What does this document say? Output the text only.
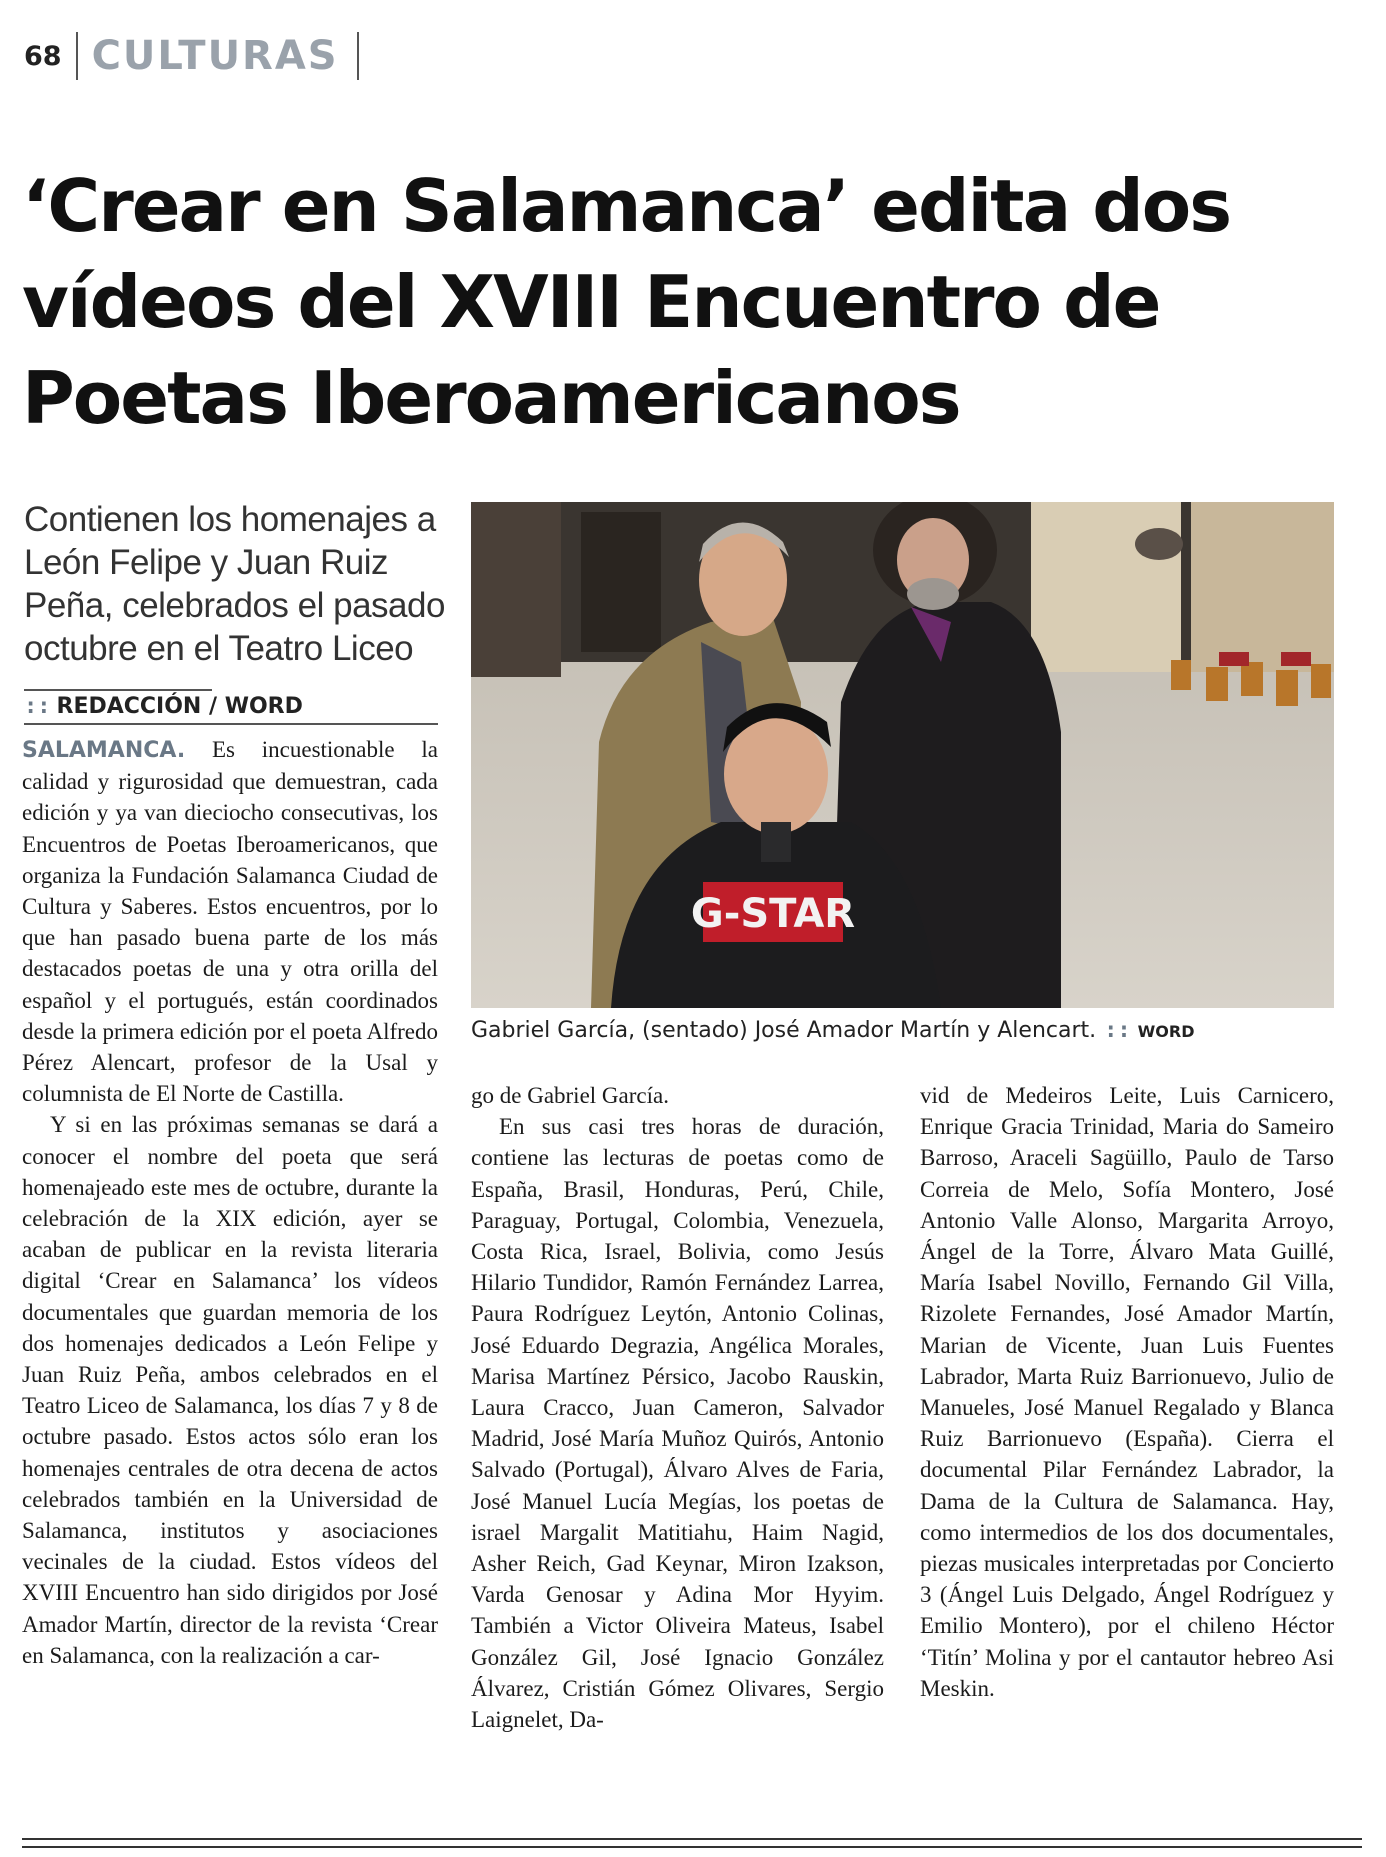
68 CULTURAS
‘Crear en Salamanca’ edita dos vídeos del XVIII Encuentro de Poetas Iberoamericanos

Contienen los homenajes a León Felipe y Juan Ruiz Peña, celebrados el pasado octubre en el Teatro Liceo

:: REDACCIÓN / WORD

SALAMANCA. Es incuestionable la calidad y rigurosidad que demuestran, cada edición y ya van dieciocho consecutivas, los Encuentros de Poetas Iberoamericanos, que organiza la Fundación Salamanca Ciudad de Cultura y Saberes. Estos encuentros, por lo que han pasado buena parte de los más destacados poetas de una y otra orilla del español y el portugués, están coordinados desde la primera edición por el poeta Alfredo Pérez Alencart, profesor de la Usal y columnista de El Norte de Castilla.

Y si en las próximas semanas se dará a conocer el nombre del poeta que será homenajeado este mes de octubre, durante la celebración de la XIX edición, ayer se acaban de publicar en la revista literaria digital ‘Crear en Salamanca’ los vídeos documentales que guardan memoria de los dos homenajes dedicados a León Felipe y Juan Ruiz Peña, ambos celebrados en el Teatro Liceo de Salamanca, los días 7 y 8 de octubre pasado. Estos actos sólo eran los homenajes centrales de otra decena de actos celebrados también en la Universidad de Salamanca, institutos y asociaciones vecinales de la ciudad. Estos vídeos del XVIII Encuentro han sido dirigidos por José Amador Martín, director de la revista ‘Crear en Salamanca, con la realización a car-

G-STAR
Gabriel García, (sentado) José Amador Martín y Alencart. :: WORD

go de Gabriel García.

En sus casi tres horas de duración, contiene las lecturas de poetas como de España, Brasil, Honduras, Perú, Chile, Paraguay, Portugal, Colombia, Venezuela, Costa Rica, Israel, Bolivia, como Jesús Hilario Tundidor, Ramón Fernández Larrea, Paura Rodríguez Leytón, Antonio Colinas, José Eduardo Degrazia, Angélica Morales, Marisa Martínez Pérsico, Jacobo Rauskin, Laura Cracco, Juan Cameron, Salvador Madrid, José María Muñoz Quirós, Antonio Salvado (Portugal), Álvaro Alves de Faria, José Manuel Lucía Megías, los poetas de israel Margalit Matitiahu, Haim Nagid, Asher Reich, Gad Keynar, Miron Izakson, Varda Genosar y Adina Mor Hyyim. También a Victor Oliveira Mateus, Isabel González Gil, José Ignacio González Álvarez, Cristián Gómez Olivares, Sergio Laignelet, Da-

vid de Medeiros Leite, Luis Carnicero, Enrique Gracia Trinidad, Maria do Sameiro Barroso, Araceli Sagüillo, Paulo de Tarso Correia de Melo, Sofía Montero, José Antonio Valle Alonso, Margarita Arroyo, Ángel de la Torre, Álvaro Mata Guillé, María Isabel Novillo, Fernando Gil Villa, Rizolete Fernandes, José Amador Martín, Marian de Vicente, Juan Luis Fuentes Labrador, Marta Ruiz Barrionuevo, Julio de Manueles, José Manuel Regalado y Blanca Ruiz Barrionuevo (España). Cierra el documental Pilar Fernández Labrador, la Dama de la Cultura de Salamanca. Hay, como intermedios de los dos documentales, piezas musicales interpretadas por Concierto 3 (Ángel Luis Delgado, Ángel Rodríguez y Emilio Montero), por el chileno Héctor ‘Titín’ Molina y por el cantautor hebreo Asi Meskin.
